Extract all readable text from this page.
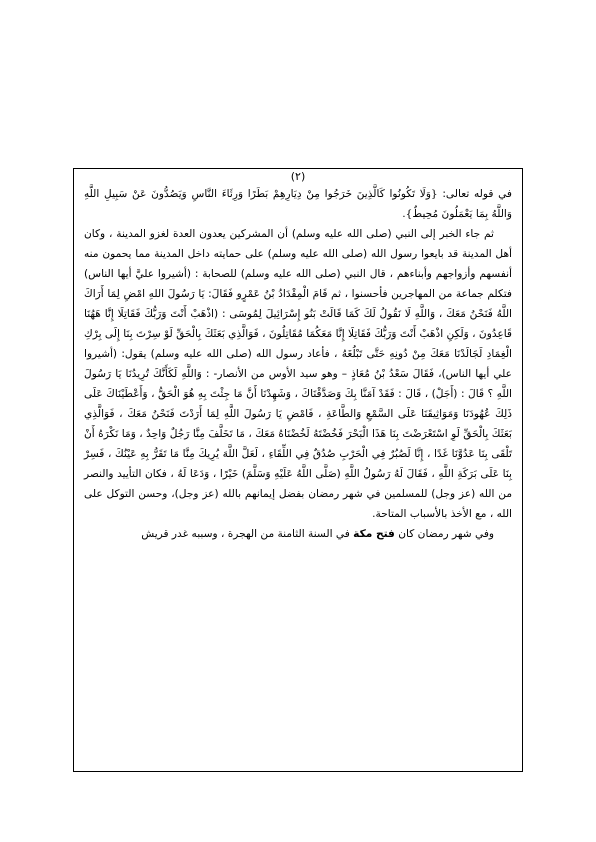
(٢)

في قوله تعالى: {وَلَا تَكُونُوا كَالَّذِينَ خَرَجُوا مِنْ دِيَارِهِمْ بَطَرًا وَرِئَاءَ النَّاسِ وَيَصُدُّونَ عَنْ سَبِيلِ اللَّهِ وَاللَّهُ بِمَا يَعْمَلُونَ مُحِيطٌ}.

ثم جاء الخبر إلى النبي (صلى الله عليه وسلم) أن المشركين يعدون العدة لغزو المدينة ، وكان أهل المدينة قد بايعوا رسول الله (صلى الله عليه وسلم) على حمايته داخل المدينة مما يحمون منه أنفسهم وأزواجهم وأبناءهم ، قال النبي (صلى الله عليه وسلم) للصحابة : (أشيروا عليَّ أيها الناس) فتكلم جماعة من المهاجرين فأحسنوا ، ثم قَامَ الْمِقْدَادُ بْنُ عَمْرٍو فَقَالَ: يَا رَسُولَ اللهِ امْضِ لِمَا أَرَاكَ اللَّهُ فَنَحْنُ مَعَكَ ، وَاللَّهِ لَا نَقُولُ لَكَ كَمَا قَالَتْ بَنُو إِسْرَائِيلَ لِمُوسَى : (اذْهَبْ أَنْتَ وَرَبُّكَ فَقَاتِلَا إِنَّا هَهُنَا قَاعِدُونَ ، وَلَكِنِ اذْهَبْ أَنْتَ وَرَبُّكَ فَقَاتِلَا إِنَّا مَعَكُمَا مُقَاتِلُونَ ، فَوَالَّذِي بَعَثَكَ بِالْحَقِّ لَوْ سِرْتَ بِنَا إِلَى بِرْكِ الْغِمَادِ لَجَالَدْنَا مَعَكَ مِنْ دُونِهِ حَتَّى تَبْلُغَهُ ، فأعاد رسول الله (صلى الله عليه وسلم) يقول: (أشيروا علي أيها الناس)، فَقَالَ سَعْدُ بْنُ مُعَاذٍ – وهو سيد الأوس من الأنصار- : وَاللَّهِ لَكَأَنَّكَ تُرِيدُنَا يَا رَسُولَ اللَّهِ ؟ قَالَ : (أَجَلْ) ، قَالَ : فَقَدْ آمَنَّا بِكَ وَصَدَّقْنَاكَ ، وَشَهِدْنَا أَنَّ مَا جِئْتَ بِهِ هُوَ الْحَقُّ ، وَأَعْطَيْنَاكَ عَلَى ذَلِكَ عُهُودَنَا وَمَوَاثِيقَنَا عَلَى السَّمْعِ وَالطَّاعَةِ ، فَامْضِ يَا رَسُولَ اللَّهِ لِمَا أَرَدْتَ فَنَحْنُ مَعَكَ ، فَوَالَّذِي بَعَثَكَ بِالْحَقِّ لَوِ اسْتَعْرَضْتَ بِنَا هَذَا الْبَحْرَ فَخُضْتَهُ لَخُضْنَاهُ مَعَكَ ، مَا تَخَلَّفَ مِنَّا رَجُلٌ وَاحِدٌ ، وَمَا نَكْرَهُ أَنْ تَلْقَى بِنَا عَدُوَّنَا غَدًا ، إِنَّا لَصُبُرٌ فِي الْحَرْبِ صُدُقٌ فِي اللِّقَاءِ ، لَعَلَّ اللَّهَ يُرِيكَ مِنَّا مَا تَقَرُّ بِهِ عَيْنُكَ ، فَسِرْ بِنَا عَلَى بَرَكَةِ اللَّهِ ، فَقَالَ لَهُ رَسُولُ اللَّهِ (صَلَّى اللَّهُ عَلَيْهِ وَسَلَّمَ) خَيْرًا ، وَدَعَا لَهُ ، فكان التأييد والنصر من الله (عز وجل) للمسلمين في شهر رمضان بفضل إيمانهم بالله (عز وجل)، وحسن التوكل على الله ، مع الأخذ بالأسباب المتاحة.

وفي شهر رمضان كان فتح مكة في السنة الثامنة من الهجرة ، وسببه غدر قريش
